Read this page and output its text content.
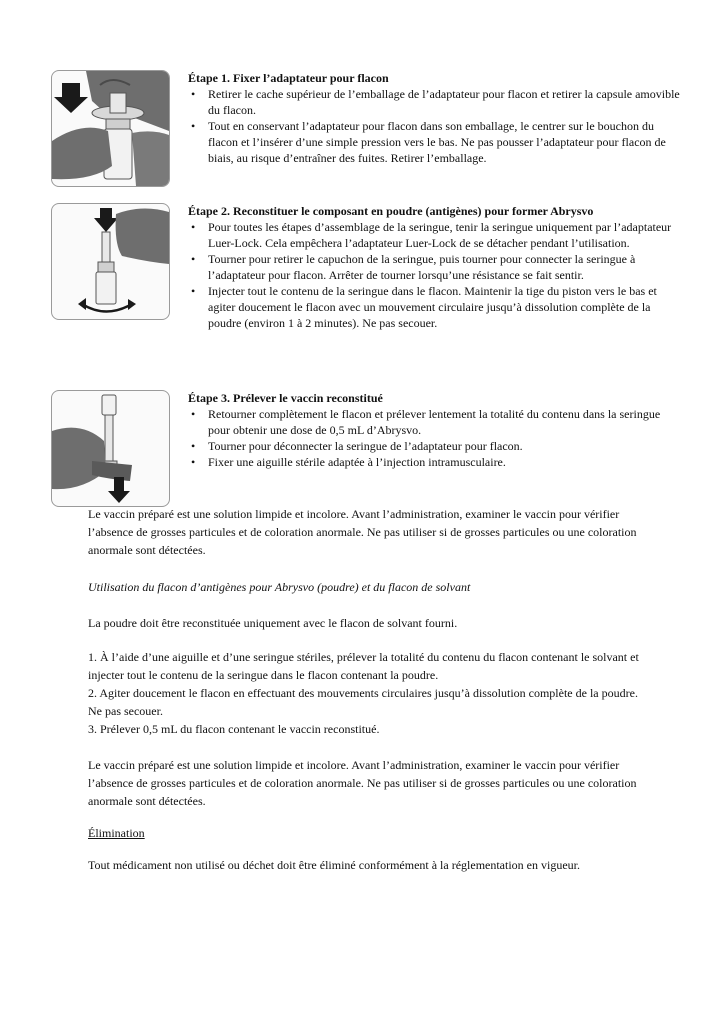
Étape 1. Fixer l’adaptateur pour flacon

• Retirer le cache supérieur de l’emballage de l’adaptateur pour flacon et retirer la capsule amovible du flacon.
• Tout en conservant l’adaptateur pour flacon dans son emballage, le centrer sur le bouchon du flacon et l’insérer d’une simple pression vers le bas. Ne pas pousser l’adaptateur pour flacon de biais, au risque d’entraîner des fuites. Retirer l’emballage.

Étape 2. Reconstituer le composant en poudre (antigènes) pour former Abrysvo

• Pour toutes les étapes d’assemblage de la seringue, tenir la seringue uniquement par l’adaptateur Luer-Lock. Cela empêchera l’adaptateur Luer-Lock de se détacher pendant l’utilisation.
• Tourner pour retirer le capuchon de la seringue, puis tourner pour connecter la seringue à l’adaptateur pour flacon. Arrêter de tourner lorsqu’une résistance se fait sentir.
• Injecter tout le contenu de la seringue dans le flacon. Maintenir la tige du piston vers le bas et agiter doucement le flacon avec un mouvement circulaire jusqu’à dissolution complète de la poudre (environ 1 à 2 minutes). Ne pas secouer.

Étape 3. Prélever le vaccin reconstitué

• Retourner complètement le flacon et prélever lentement la totalité du contenu dans la seringue pour obtenir une dose de 0,5 mL d’Abrysvo.
• Tourner pour déconnecter la seringue de l’adaptateur pour flacon.
• Fixer une aiguille stérile adaptée à l’injection intramusculaire.

Le vaccin préparé est une solution limpide et incolore. Avant l’administration, examiner le vaccin pour vérifier l’absence de grosses particules et de coloration anormale. Ne pas utiliser si de grosses particules ou une coloration anormale sont détectées.

Utilisation du flacon d’antigènes pour Abrysvo (poudre) et du flacon de solvant

La poudre doit être reconstituée uniquement avec le flacon de solvant fourni.

1. À l’aide d’une aiguille et d’une seringue stériles, prélever la totalité du contenu du flacon contenant le solvant et injecter tout le contenu de la seringue dans le flacon contenant la poudre.
2. Agiter doucement le flacon en effectuant des mouvements circulaires jusqu’à dissolution complète de la poudre. Ne pas secouer.
3. Prélever 0,5 mL du flacon contenant le vaccin reconstitué.

Le vaccin préparé est une solution limpide et incolore. Avant l’administration, examiner le vaccin pour vérifier l’absence de grosses particules et de coloration anormale. Ne pas utiliser si de grosses particules ou une coloration anormale sont détectées.

Élimination

Tout médicament non utilisé ou déchet doit être éliminé conformément à la réglementation en vigueur.
